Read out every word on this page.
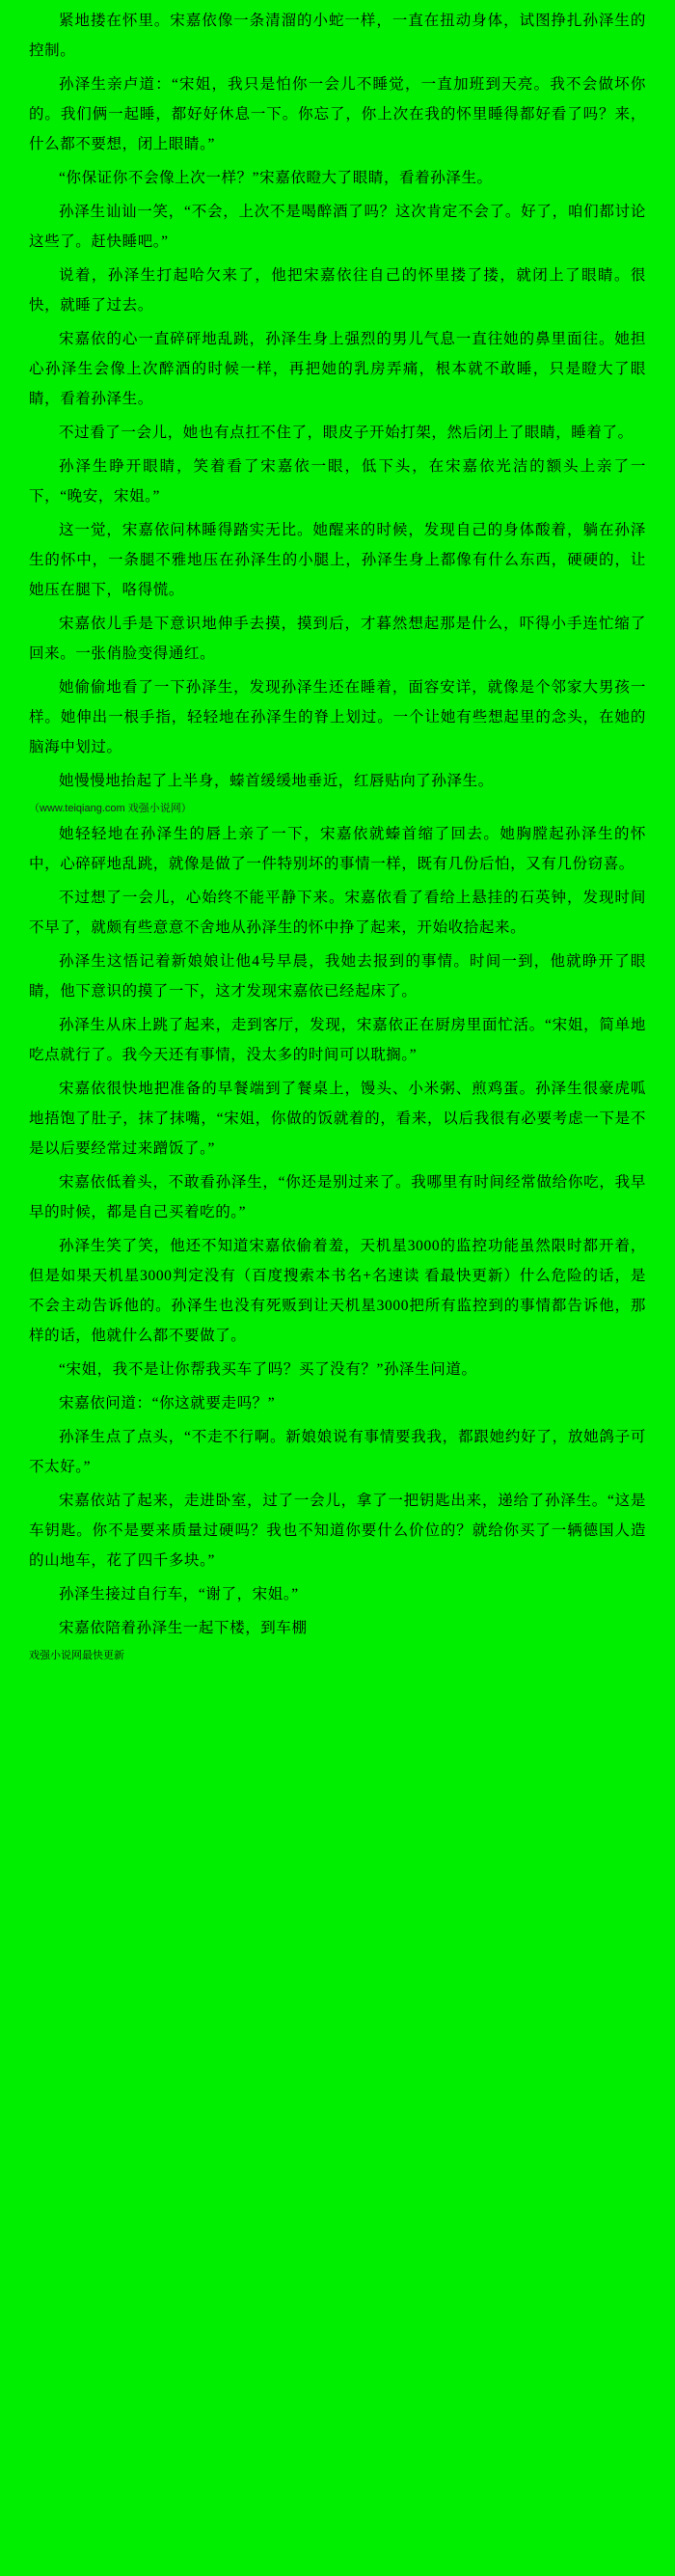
紧地搂在怀里。宋嘉依像一条清溜的小蛇一样，一直在扭动身体，试图挣扎孙泽生的控制。
孙泽生亲卢道：“宋姐，我只是怕你一会儿不睡觉，一直加班到天亮。我不会做坏你的。我们俩一起睡，都好好休息一下。你忘了，你上次在我的怀里睡得都好看了吗？来，什么都不要想，闭上眼睛。”
“你保证你不会像上次一样？”宋嘉依瞪大了眼睛，看着孙泽生。
孙泽生讪讪一笑，“不会，上次不是喝醉酒了吗？这次肯定不会了。好了，咱们都讨论这些了。赶快睡吧。”
说着，孙泽生打起哈欠来了，他把宋嘉依往自己的怀里搂了搂，就闭上了眼睛。很快，就睡了过去。
宋嘉依的心一直碎砰地乱跳，孙泽生身上强烈的男儿气息一直往她的鼻里面往。她担心孙泽生会像上次醉酒的时候一样，再把她的乳房弄痛，根本就不敢睡，只是瞪大了眼睛，看着孙泽生。
不过看了一会儿，她也有点扛不住了，眼皮子开始打架，然后闭上了眼睛，睡着了。
孙泽生睁开眼睛，笑着看了宋嘉依一眼，低下头，在宋嘉依光洁的额头上亲了一下，“晚安，宋姐。”
这一觉，宋嘉依问林睡得踏实无比。她醒来的时候，发现自己的身体酸着，躺在孙泽生的怀中，一条腿不雅地压在孙泽生的小腿上，孙泽生身上都像有什么东西，硬硬的，让她压在腿下，咯得慌。
宋嘉依儿手是下意识地伸手去摸，摸到后，才暮然想起那是什么，吓得小手连忙缩了回来。一张俏脸变得通红。
她偷偷地看了一下孙泽生，发现孙泽生还在睡着，面容安详，就像是个邻家大男孩一样。她伸出一根手指，轻轻地在孙泽生的脊上划过。一个让她有些想起里的念头，在她的脑海中划过。
她慢慢地抬起了上半身，螓首缓缓地垂近，红唇贴向了孙泽生。
（www.teiqiang.com 戏强小说网）
她轻轻地在孙泽生的唇上亲了一下，宋嘉依就螓首缩了回去。她胸膛起孙泽生的怀中，心碎砰地乱跳，就像是做了一件特别坏的事情一样，既有几份后怕，又有几份窃喜。
不过想了一会儿，心始终不能平静下来。宋嘉依看了看给上悬挂的石英钟，发现时间不早了，就颇有些意意不舍地从孙泽生的怀中挣了起来，开始收拾起来。
孙泽生这悟记着新娘娘让他4号早晨，我她去报到的事情。时间一到，他就睁开了眼睛，他下意识的摸了一下，这才发现宋嘉依已经起床了。
孙泽生从床上跳了起来，走到客厅，发现，宋嘉依正在厨房里面忙活。“宋姐，简单地吃点就行了。我今天还有事情，没太多的时间可以耽搁。”
宋嘉依很快地把准备的早餐端到了餐桌上，馒头、小米粥、煎鸡蛋。孙泽生很豪虎呱地捂饱了肚子，抹了抹嘴，“宋姐，你做的饭就着的，看来，以后我很有必要考虑一下是不是以后要经常过来蹭饭了。”
宋嘉依低着头，不敢看孙泽生，“你还是别过来了。我哪里有时间经常做给你吃，我早早的时候，都是自己买着吃的。”
孙泽生笑了笑，他还不知道宋嘉依偷着羞，天机星3000的监控功能虽然限时都开着，但是如果天机星3000判定没有（百度搜索本书名+名速读 看最快更新）什么危险的话，是不会主动告诉他的。孙泽生也没有死贩到让天机星3000把所有监控到的事情都告诉他，那样的话，他就什么都不要做了。
“宋姐，我不是让你帮我买车了吗？买了没有？”孙泽生问道。
宋嘉依问道：“你这就要走吗？”
孙泽生点了点头，“不走不行啊。新娘娘说有事情要我我，都跟她约好了，放她鸽子可不太好。”
宋嘉依站了起来，走进卧室，过了一会儿，拿了一把钥匙出来，递给了孙泽生。“这是车钥匙。你不是要来质量过硬吗？我也不知道你要什么价位的？就给你买了一辆德国人造的山地车，花了四千多块。”
孙泽生接过自行车，“谢了，宋姐。”
宋嘉依陪着孙泽生一起下楼，到车棚
戏强小说网最快更新
